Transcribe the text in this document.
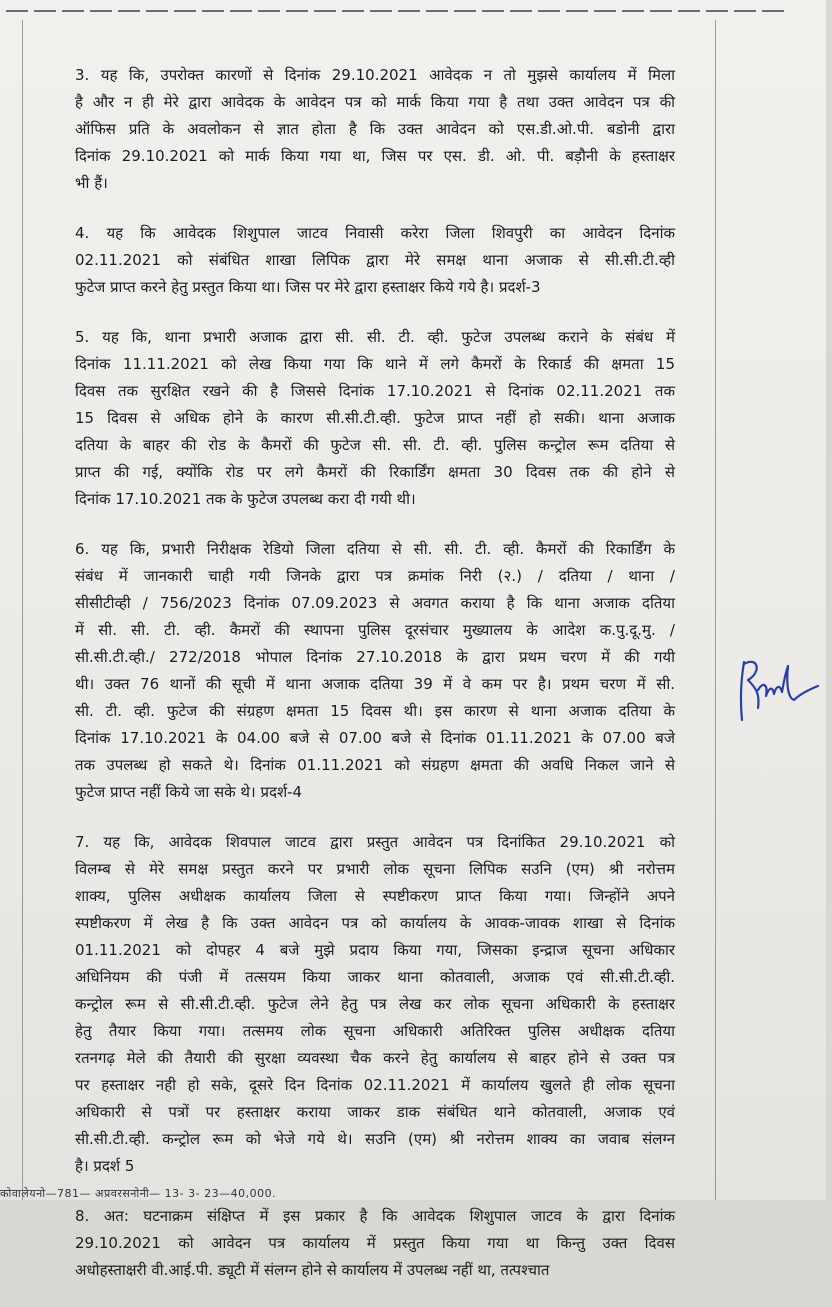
3. यह कि, उपरोक्त कारणों से दिनांक 29.10.2021 आवेदक न तो मुझसे कार्यालय में मिला
है और न ही मेरे द्वारा आवेदक के आवेदन पत्र को मार्क किया गया है तथा उक्त आवेदन पत्र की
ऑफिस प्रति के अवलोकन से ज्ञात होता है कि उक्त आवेदन को एस.डी.ओ.पी. बडोनी द्वारा
दिनांक 29.10.2021 को मार्क किया गया था, जिस पर एस. डी. ओ. पी. बड़ौनी के हस्ताक्षर
भी हैं।
4. यह कि आवेदक शिशुपाल जाटव निवासी करेरा जिला शिवपुरी का आवेदन दिनांक
02.11.2021 को संबंधित शाखा लिपिक द्वारा मेरे समक्ष थाना अजाक से सी.सी.टी.व्ही
फुटेज प्राप्त करने हेतु प्रस्तुत किया था। जिस पर मेरे द्वारा हस्ताक्षर किये गये है। प्रदर्श-3
5. यह कि, थाना प्रभारी अजाक द्वारा सी. सी. टी. व्ही. फुटेज उपलब्ध कराने के संबंध में
दिनांक 11.11.2021 को लेख किया गया कि थाने में लगे कैमरों के रिकार्ड की क्षमता 15
दिवस तक सुरक्षित रखने की है जिससे दिनांक 17.10.2021 से दिनांक 02.11.2021 तक
15 दिवस से अधिक होने के कारण सी.सी.टी.व्ही. फुटेज प्राप्त नहीं हो सकी। थाना अजाक
दतिया के बाहर की रोड के कैमरों की फुटेज सी. सी. टी. व्ही. पुलिस कन्ट्रोल रूम दतिया से
प्राप्त की गई, क्योंकि रोड पर लगे कैमरों की रिकार्डिंग क्षमता 30 दिवस तक की होने से
दिनांक 17.10.2021 तक के फुटेज उपलब्ध करा दी गयी थी।
6. यह कि, प्रभारी निरीक्षक रेडियो जिला दतिया से सी. सी. टी. व्ही. कैमरों की रिकार्डिंग के
संबंध में जानकारी चाही गयी जिनके द्वारा पत्र क्रमांक निरी (२.) / दतिया / थाना /
सीसीटीव्ही / 756/2023 दिनांक 07.09.2023 से अवगत कराया है कि थाना अजाक दतिया
में सी. सी. टी. व्ही. कैमरों की स्थापना पुलिस दूरसंचार मुख्यालय के आदेश क.पु.दू.मु. /
सी.सी.टी.व्ही./ 272/2018 भोपाल दिनांक 27.10.2018 के द्वारा प्रथम चरण में की गयी
थी। उक्त 76 थानों की सूची में थाना अजाक दतिया 39 में वे कम पर है। प्रथम चरण में सी.
सी. टी. व्ही. फुटेज की संग्रहण क्षमता 15 दिवस थी। इस कारण से थाना अजाक दतिया के
दिनांक 17.10.2021 के 04.00 बजे से 07.00 बजे से दिनांक 01.11.2021 के 07.00 बजे
तक उपलब्ध हो सकते थे। दिनांक 01.11.2021 को संग्रहण क्षमता की अवधि निकल जाने से
फुटेज प्राप्त नहीं किये जा सके थे। प्रदर्श-4
7. यह कि, आवेदक शिवपाल जाटव द्वारा प्रस्तुत आवेदन पत्र दिनांकित 29.10.2021 को
विलम्ब से मेरे समक्ष प्रस्तुत करने पर प्रभारी लोक सूचना लिपिक सउनि (एम) श्री नरोत्तम
शाक्य, पुलिस अधीक्षक कार्यालय जिला से स्पष्टीकरण प्राप्त किया गया। जिन्होंने अपने
स्पष्टीकरण में लेख है कि उक्त आवेदन पत्र को कार्यालय के आवक-जावक शाखा से दिनांक
01.11.2021 को दोपहर 4 बजे मुझे प्रदाय किया गया, जिसका इन्द्राज सूचना अधिकार
अधिनियम की पंजी में तत्सयम किया जाकर थाना कोतवाली, अजाक एवं सी.सी.टी.व्ही.
कन्ट्रोल रूम से सी.सी.टी.व्ही. फुटेज लेने हेतु पत्र लेख कर लोक सूचना अधिकारी के हस्ताक्षर
हेतु तैयार किया गया। तत्समय लोक सूचना अधिकारी अतिरिक्त पुलिस अधीक्षक दतिया
रतनगढ़ मेले की तैयारी की सुरक्षा व्यवस्था चैक करने हेतु कार्यालय से बाहर होने से उक्त पत्र
पर हस्ताक्षर नही हो सके, दूसरे दिन दिनांक 02.11.2021 में कार्यालय खुलते ही लोक सूचना
अधिकारी से पत्रों पर हस्ताक्षर कराया जाकर डाक संबंधित थाने कोतवाली, अजाक एवं
सी.सी.टी.व्ही. कन्ट्रोल रूम को भेजे गये थे। सउनि (एम) श्री नरोत्तम शाक्य का जवाब संलग्न
है। प्रदर्श 5
8. अत: घटनाक्रम संक्षिप्त में इस प्रकार है कि आवेदक शिशुपाल जाटव के द्वारा दिनांक
29.10.2021 को आवेदन पत्र कार्यालय में प्रस्तुत किया गया था किन्तु उक्त दिवस
अधोहस्ताक्षरी वी.आई.पी. ड्यूटी में संलग्न होने से कार्यालय में उपलब्ध नहीं था, तत्पश्चात
कोवालेयनो—781— अप्रवरसनोनी— 13- 3- 23—40,000.
